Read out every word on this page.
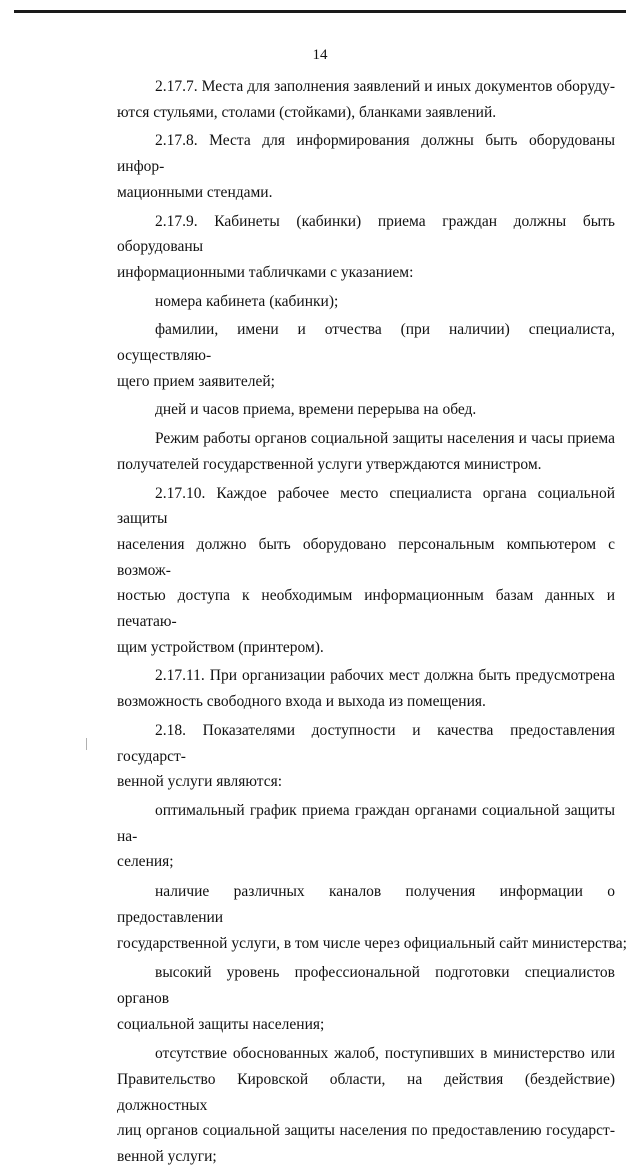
14
2.17.7. Места для заполнения заявлений и иных документов оборуду-
ются стульями, столами (стойками), бланками заявлений.
2.17.8. Места для информирования должны быть оборудованы инфор-
мационными стендами.
2.17.9. Кабинеты (кабинки) приема граждан должны быть оборудованы
информационными табличками с указанием:
номера кабинета (кабинки);
фамилии, имени и отчества (при наличии) специалиста, осуществляю-
щего прием заявителей;
дней и часов приема, времени перерыва на обед.
Режим работы органов социальной защиты населения и часы приема
получателей государственной услуги утверждаются министром.
2.17.10. Каждое рабочее место специалиста органа социальной защиты
населения должно быть оборудовано персональным компьютером с возмож-
ностью доступа к необходимым информационным базам данных и печатаю-
щим устройством (принтером).
2.17.11. При организации рабочих мест должна быть предусмотрена
возможность свободного входа и выхода из помещения.
2.18. Показателями доступности и качества предоставления государст-
венной услуги являются:
оптимальный график приема граждан органами социальной защиты на-
селения;
наличие различных каналов получения информации о предоставлении
государственной услуги, в том числе через официальный сайт министерства;
высокий уровень профессиональной подготовки специалистов органов
социальной защиты населения;
отсутствие обоснованных жалоб, поступивших в министерство или
Правительство Кировской области, на действия (бездействие) должностных
лиц органов социальной защиты населения по предоставлению государст-
венной услуги;
